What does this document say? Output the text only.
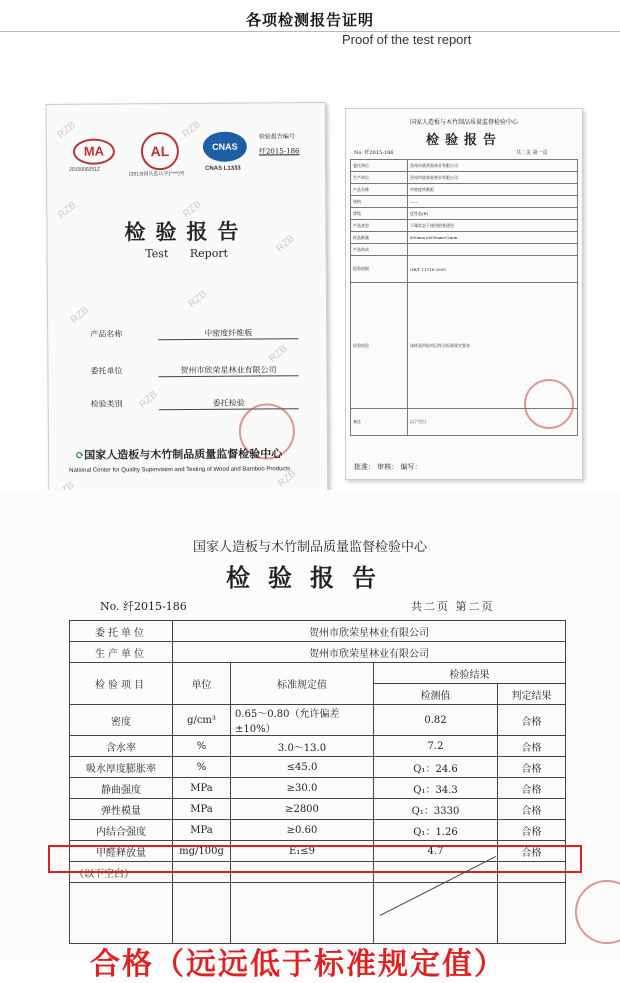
各项检测报告证明
Proof of the test report
MA	AL	CNAS
2015000251Z
(2013)国认监认字(****)号
CNAS L1333
检验报告编号
纤2015-186
检验报告
Test Report
产品名称	中密度纤维板
委托单位	贺州市欣荣星林业有限公司
检验类别	委托检验
⟳国家人造板与木竹制品质量监督检验中心
National Center for Quality Supervision and Testing of Wood and Bamboo Products
RZB	RZB
RZB	RZB
RZB
RZB
RZB
RZB
RZB
RZB
国家人造板与木竹制品质量监督检验中心
检验报告
No. 纤2015-186	共二页 第一页
委托单位	贺州市欣荣星林业有限公司
生产单位	贺州市欣荣星林业有限公司
产品名称	中密度纤维板
规格	——
等级	优等品(E)
产品类型	干燥状态下使用的普通型
样品数量	600mm×600mm×2mm
产品构成	
检验依据	GB/T 11718-2009
检验结论	该样品所检项目符合标准规定要求
备注	以下空白
批准： 审核： 编写：
国家人造板与木竹制品质量监督检验中心
检验报告
No. 纤2015-186	共二页 第二页
委托单位	贺州市欣荣星林业有限公司			
生产单位	贺州市欣荣星林业有限公司			
检验项目	单位	标准规定值	检验结果	
			检测值	判定结果
密度	g/cm³	0.65～0.80（允许偏差±10%）	0.82	合格
含水率	%	3.0～13.0	7.2	合格
吸水厚度膨胀率	%	≤45.0	Q₁：24.6	合格
静曲强度	MPa	≥30.0	Q₁：34.3	合格
弹性模量	MPa	≥2800	Q₁：3330	合格
内结合强度	MPa	≥0.60	Q₁：1.26	合格
甲醛释放量	mg/100g	E₁≤9	4.7	合格
（以下空白）				

合格（远远低于标准规定值）
